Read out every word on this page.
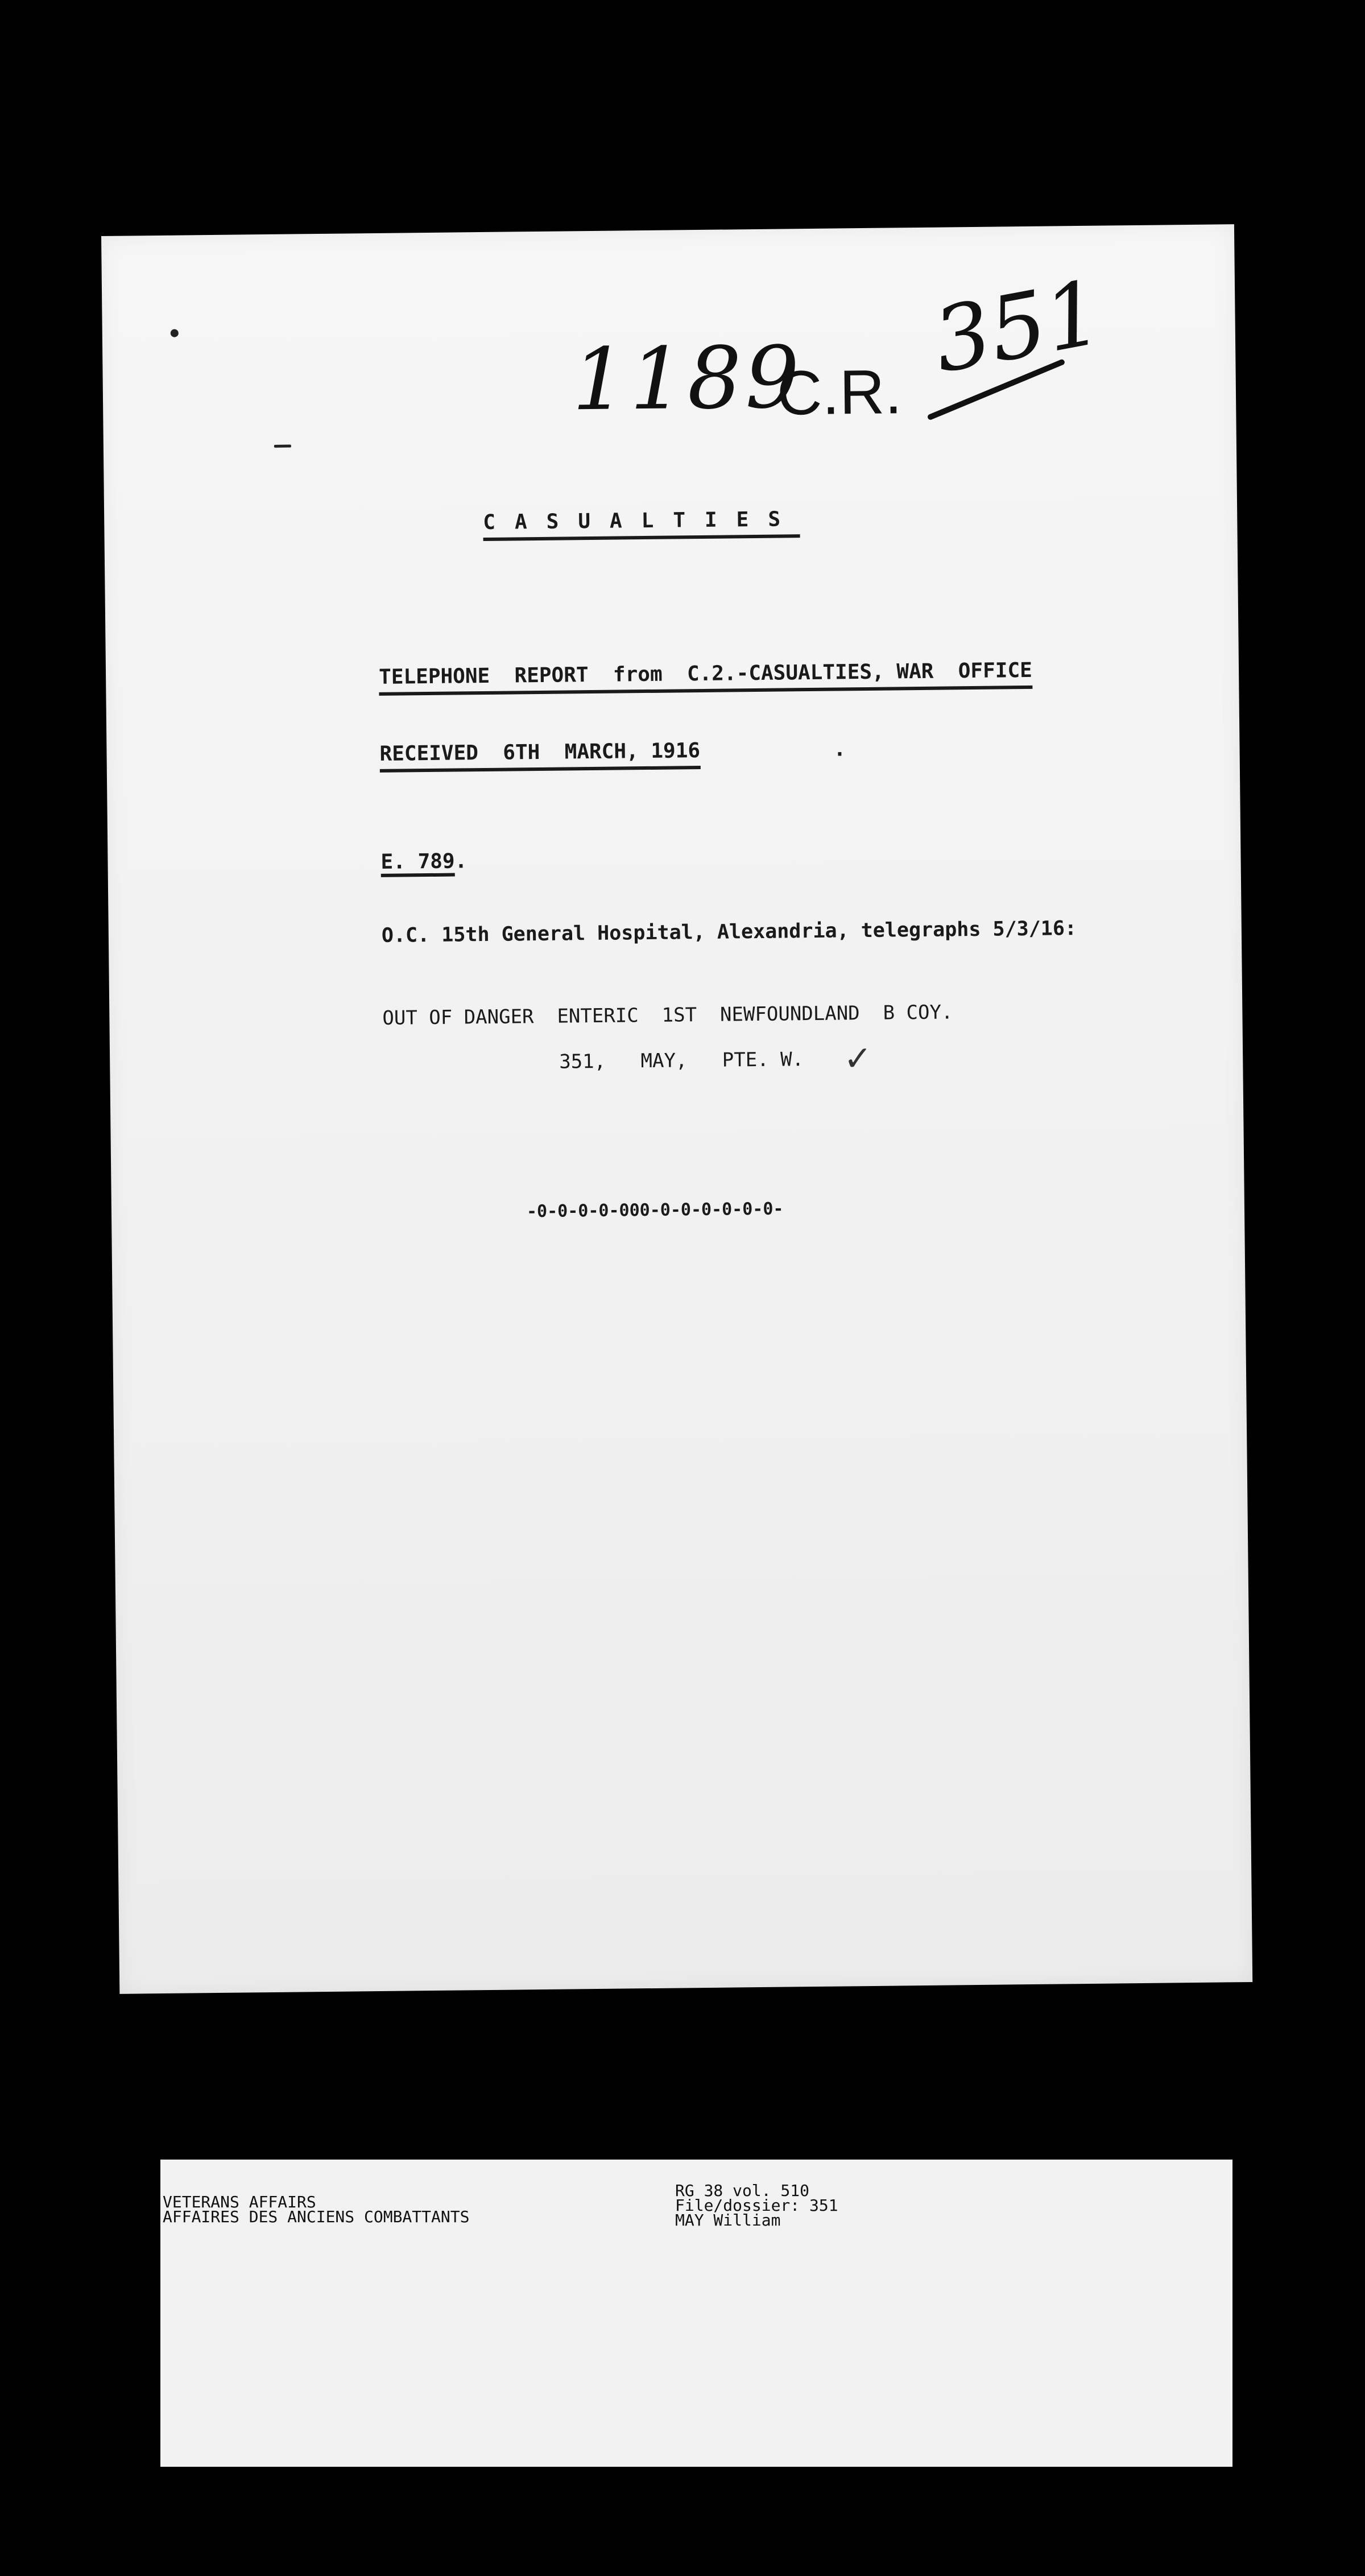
1189
C.R. 351
CASUALTIES
TELEPHONE  REPORT  from  C.2.-CASUALTIES, WAR  OFFICE
RECEIVED  6TH  MARCH, 1916	.
E. 789.
O.C. 15th General Hospital, Alexandria, telegraphs 5/3/16:
OUT OF DANGER  ENTERIC  1ST  NEWFOUNDLAND  B COY.
351,   MAY,   PTE. W. ✓
-0-0-0-0-000-0-0-0-0-0-0-
VETERANS AFFAIRS
AFFAIRES DES ANCIENS COMBATTANTS
RG 38 vol. 510
File/dossier: 351
MAY William
